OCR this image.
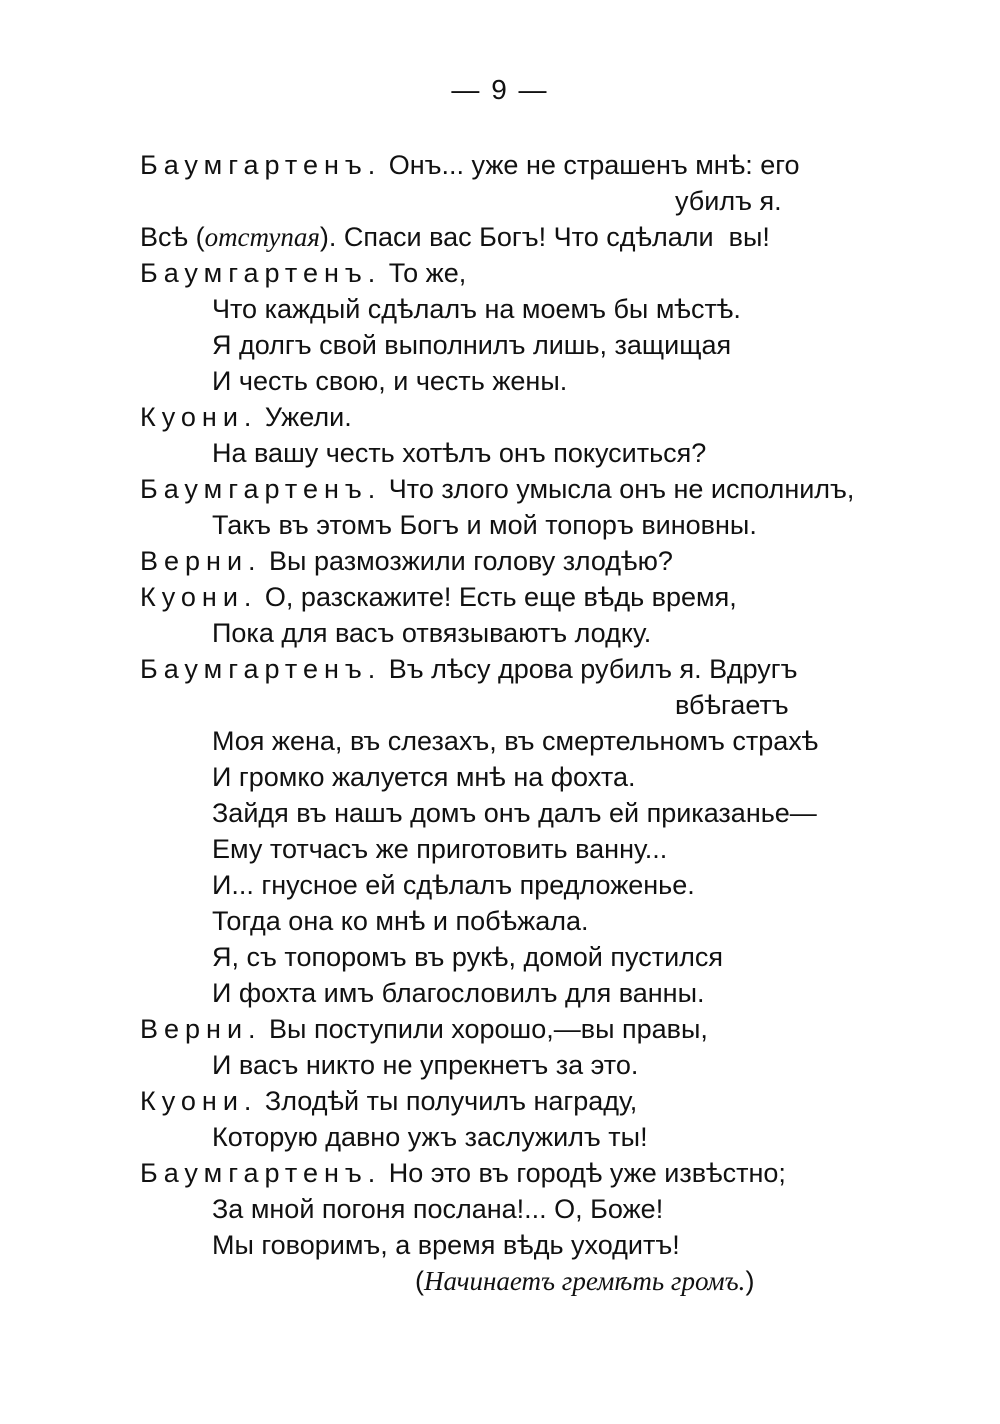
— 9 —
Баумгартенъ. Онъ... уже не страшенъ мнѣ: его
убилъ я.
Всѣ (отступая). Спаси вас Богъ! Что сдѣлали  вы!
Баумгартенъ. То же,
Что каждый сдѣлалъ на моемъ бы мѣстѣ.
Я долгъ свой выполнилъ лишь, защищая
И честь свою, и честь жены.
Куони. Ужели.
На вашу честь хотѣлъ онъ покуситься?
Баумгартенъ. Что злого умысла онъ не исполнилъ,
Такъ въ этомъ Богъ и мой топоръ виновны.
Верни. Вы размозжили голову злодѣю?
Куони. О, разскажите! Есть еще вѣдь время,
Пока для васъ отвязываютъ лодку.
Баумгартенъ. Въ лѣсу дрова рубилъ я. Вдругъ
вбѣгаетъ
Моя жена, въ слезахъ, въ смертельномъ страхѣ
И громко жалуется мнѣ на фохта.
Зайдя въ нашъ домъ онъ далъ ей приказанье—
Ему тотчасъ же приготовить ванну...
И... гнусное ей сдѣлалъ предложенье.
Тогда она ко мнѣ и побѣжала.
Я, съ топоромъ въ рукѣ, домой пустился
И фохта имъ благословилъ для ванны.
Верни. Вы поступили хорошо,—вы правы,
И васъ никто не упрекнетъ за это.
Куони. Злодѣй ты получилъ награду,
Которую давно ужъ заслужилъ ты!
Баумгартенъ. Но это въ городѣ уже извѣстно;
За мной погоня послана!... О, Боже!
Мы говоримъ, а время вѣдь уходитъ!
(Начинаетъ гремѣть громъ.)
